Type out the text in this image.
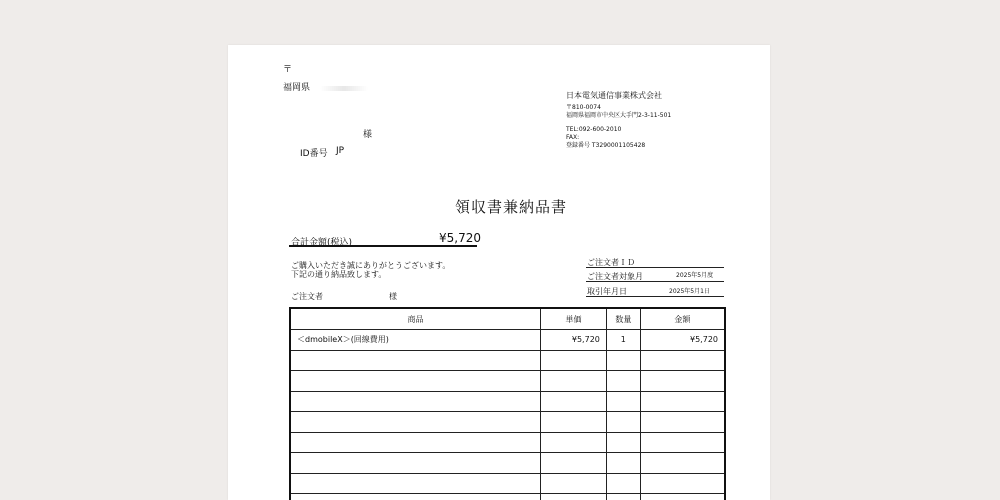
〒
福岡県
様
ID番号 JP
日本電気通信事業株式会社
〒810-0074
福岡県福岡市中央区大手門2-3-11-501
TEL:092-600-2010
FAX:
登録番号 T3290001105428
領収書兼納品書
合計金額(税込)	¥5,720
ご購入いただき誠にありがとうございます。
下記の通り納品致します。
ご注文者	様
ご注文者ＩＤ
ご注文者対象月	2025年5月度
取引年月日	2025年5月1日
商品	単価	数量	金額
＜dmobileX＞(回線費用)	¥5,720	1	¥5,720
